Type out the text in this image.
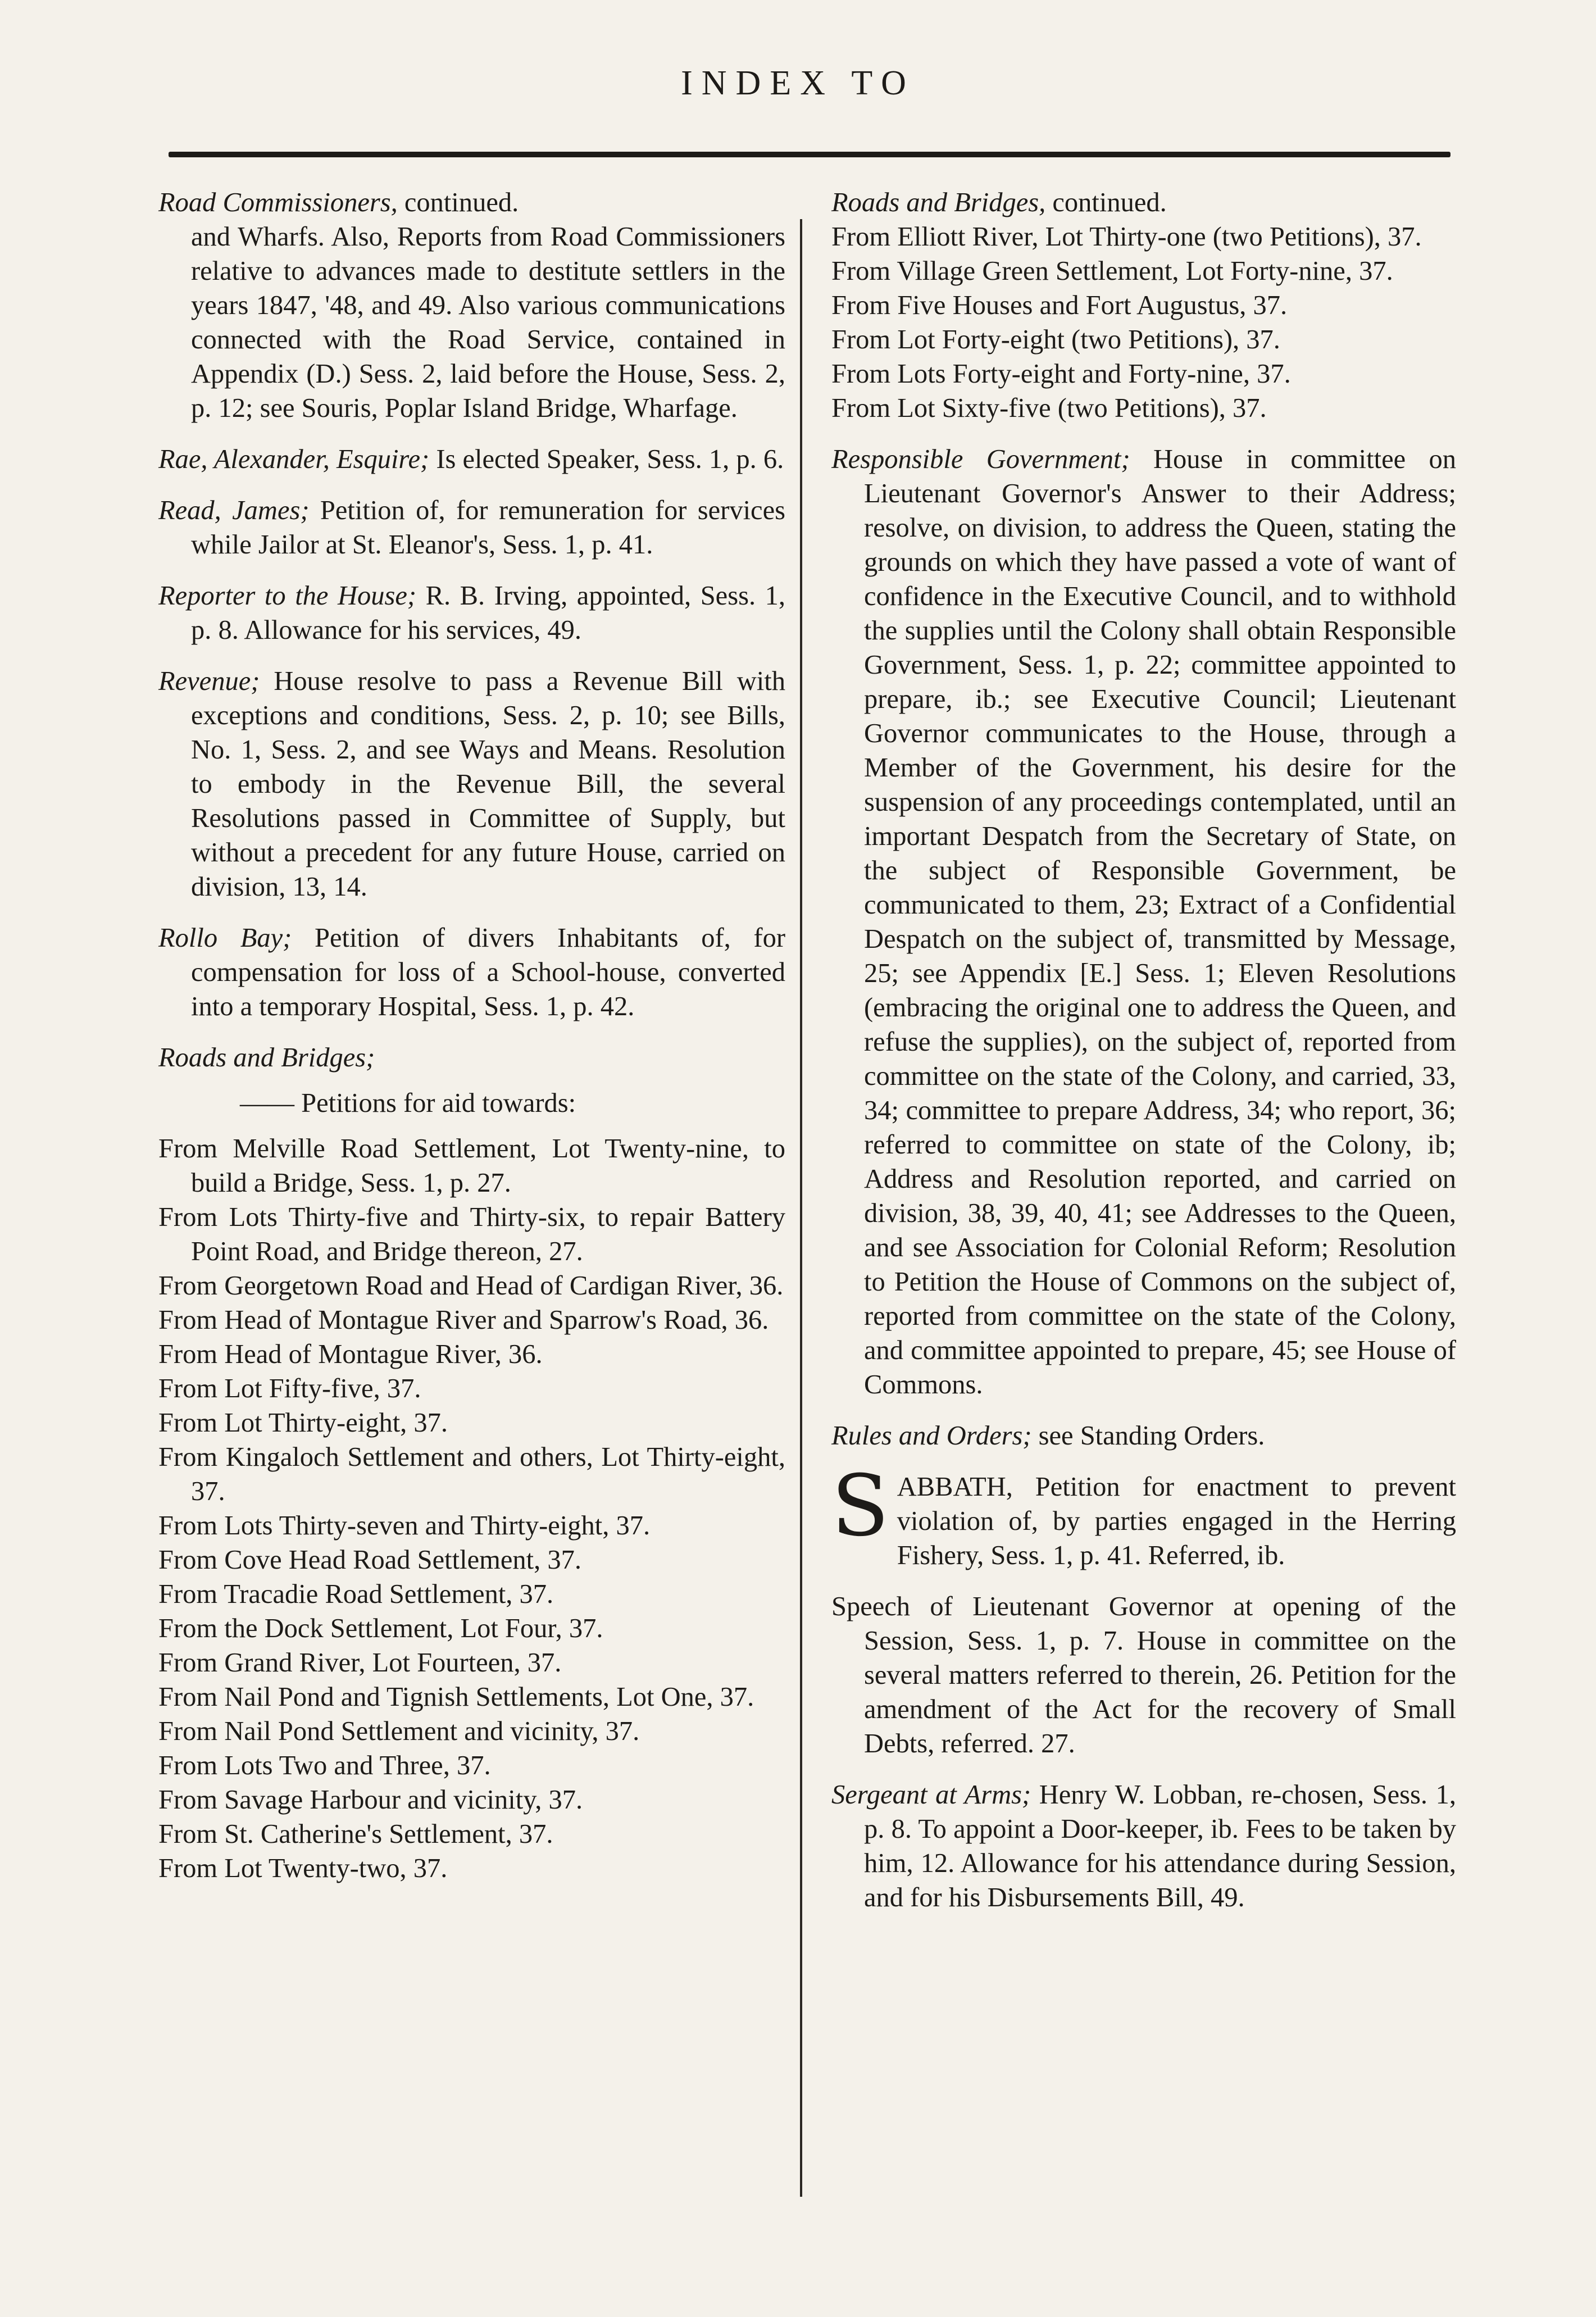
INDEX TO
Road Commissioners, continued.
and Wharfs. Also, Reports from Road Commissioners relative to advances made to destitute settlers in the years 1847, '48, and 49. Also various communications connected with the Road Service, contained in Appendix (D.) Sess. 2, laid before the House, Sess. 2, p. 12; see Souris, Poplar Island Bridge, Wharfage.
Rae, Alexander, Esquire; Is elected Speaker, Sess. 1, p. 6.
Read, James; Petition of, for remuneration for services while Jailor at St. Eleanor's, Sess. 1, p. 41.
Reporter to the House; R. B. Irving, appointed, Sess. 1, p. 8. Allowance for his services, 49.
Revenue; House resolve to pass a Revenue Bill with exceptions and conditions, Sess. 2, p. 10; see Bills, No. 1, Sess. 2, and see Ways and Means. Resolution to embody in the Revenue Bill, the several Resolutions passed in Committee of Supply, but without a precedent for any future House, carried on division, 13, 14.
Rollo Bay; Petition of divers Inhabitants of, for compensation for loss of a School-house, converted into a temporary Hospital, Sess. 1, p. 42.
Roads and Bridges;
—— Petitions for aid towards:
From Melville Road Settlement, Lot Twenty-nine, to build a Bridge, Sess. 1, p. 27.
From Lots Thirty-five and Thirty-six, to repair Battery Point Road, and Bridge thereon, 27.
From Georgetown Road and Head of Cardigan River, 36.
From Head of Montague River and Sparrow's Road, 36.
From Head of Montague River, 36.
From Lot Fifty-five, 37.
From Lot Thirty-eight, 37.
From Kingaloch Settlement and others, Lot Thirty-eight, 37.
From Lots Thirty-seven and Thirty-eight, 37.
From Cove Head Road Settlement, 37.
From Tracadie Road Settlement, 37.
From the Dock Settlement, Lot Four, 37.
From Grand River, Lot Fourteen, 37.
From Nail Pond and Tignish Settlements, Lot One, 37.
From Nail Pond Settlement and vicinity, 37.
From Lots Two and Three, 37.
From Savage Harbour and vicinity, 37.
From St. Catherine's Settlement, 37.
From Lot Twenty-two, 37.
Roads and Bridges, continued.
From Elliott River, Lot Thirty-one (two Petitions), 37.
From Village Green Settlement, Lot Forty-nine, 37.
From Five Houses and Fort Augustus, 37.
From Lot Forty-eight (two Petitions), 37.
From Lots Forty-eight and Forty-nine, 37.
From Lot Sixty-five (two Petitions), 37.
Responsible Government; House in committee on Lieutenant Governor's Answer to their Address; resolve, on division, to address the Queen, stating the grounds on which they have passed a vote of want of confidence in the Executive Council, and to withhold the supplies until the Colony shall obtain Responsible Government, Sess. 1, p. 22; committee appointed to prepare, ib.; see Executive Council; Lieutenant Governor communicates to the House, through a Member of the Government, his desire for the suspension of any proceedings contemplated, until an important Despatch from the Secretary of State, on the subject of Responsible Government, be communicated to them, 23; Extract of a Confidential Despatch on the subject of, transmitted by Message, 25; see Appendix [E.] Sess. 1; Eleven Resolutions (embracing the original one to address the Queen, and refuse the supplies), on the subject of, reported from committee on the state of the Colony, and carried, 33, 34; committee to prepare Address, 34; who report, 36; referred to committee on state of the Colony, ib; Address and Resolution reported, and carried on division, 38, 39, 40, 41; see Addresses to the Queen, and see Association for Colonial Reform; Resolution to Petition the House of Commons on the subject of, reported from committee on the state of the Colony, and committee appointed to prepare, 45; see House of Commons.
Rules and Orders; see Standing Orders.
SABBATH, Petition for enactment to prevent violation of, by parties engaged in the Herring Fishery, Sess. 1, p. 41. Referred, ib.
Speech of Lieutenant Governor at opening of the Session, Sess. 1, p. 7. House in committee on the several matters referred to therein, 26. Petition for the amendment of the Act for the recovery of Small Debts, referred. 27.
Sergeant at Arms; Henry W. Lobban, re-chosen, Sess. 1, p. 8. To appoint a Door-keeper, ib. Fees to be taken by him, 12. Allowance for his attendance during Session, and for his Disbursements Bill, 49.
